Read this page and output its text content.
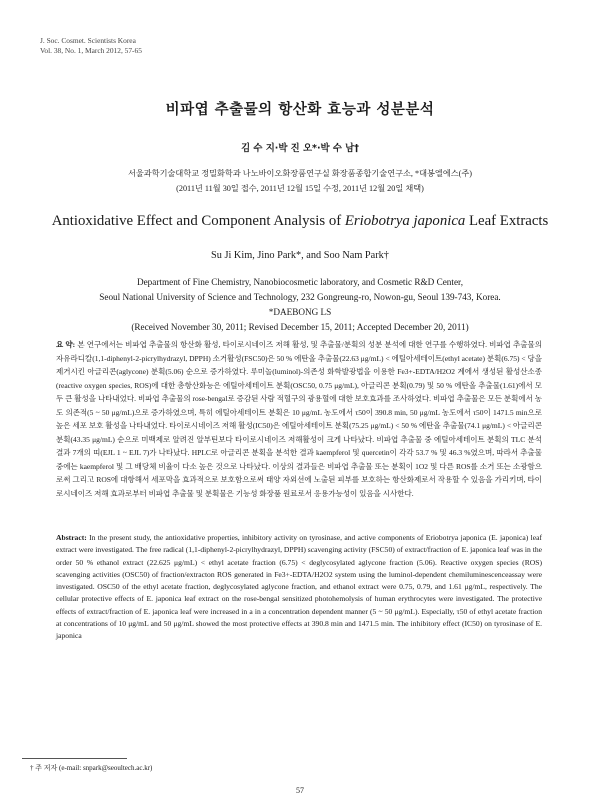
J. Soc. Cosmet. Scientists Korea
Vol. 38, No. 1, March 2012, 57-65
비파엽 추출물의 항산화 효능과 성분분석
김 수 지·박 진 오*·박 수 남†
서울과학기술대학교 정밀화학과 나노바이오화장품연구실 화장품종합기술연구소, *대봉엘에스(주)
(2011년 11월 30일 접수, 2011년 12월 15일 수정, 2011년 12월 20일 채택)
Antioxidative Effect and Component Analysis of Eriobotrya japonica Leaf Extracts
Su Ji Kim, Jino Park*, and Soo Nam Park†
Department of Fine Chemistry, Nanobiocosmetic laboratory, and Cosmetic R&D Center,
Seoul National University of Science and Technology, 232 Gongreung-ro, Nowon-gu, Seoul 139-743, Korea.
*DAEBONG LS
(Received November 30, 2011; Revised December 15, 2011; Accepted December 20, 2011)

요 약: 본 연구에서는 비파엽 추출물의 항산화 활성, 타이로시네이즈 저해 활성, 및 추출물/분획의 성분 분석에 대한 연구를 수행하였다. 비파엽 추출물의 자유라디칼(1,1-diphenyl-2-picrylhydrazyl, DPPH) 소거활성(FSC50)은 50 % 에탄올 추출물(22.63 μg/mL) < 에틸아세테이트(ethyl acetate) 분획(6.75) < 당을 제거시킨 아글리콘(aglycone) 분획(5.06) 순으로 증가하였다. 루미놀(luminol)-의존성 화학발광법을 이용한 Fe3+-EDTA/H2O2 계에서 생성된 활성산소종(reactive oxygen species, ROS)에 대한 총항산화능은 에틸아세테이트 분획(OSC50, 0.75 μg/mL), 아글리콘 분획(0.79) 및 50 % 에탄올 추출물(1.61)에서 모두 큰 활성을 나타내었다. 비파엽 추출물의 rose-bengal로 증감된 사람 적혈구의 광용혈에 대한 보호효과를 조사하였다. 비파엽 추출물은 모든 분획에서 농도 의존적(5 ~ 50 μg/mL)으로 증가하였으며, 특히 에틸아세테이트 분획은 10 μg/mL 농도에서 τ50이 390.8 min, 50 μg/mL 농도에서 τ50이 1471.5 min으로 높은 세포 보호 활성을 나타내었다. 타이로시네이즈 저해 활성(IC50)은 에틸아세테이트 분획(75.25 μg/mL) < 50 % 에탄올 추출물(74.1 μg/mL) < 아글리콘 분획(43.35 μg/mL) 순으로 미백제로 알려진 알부틴보다 타이로시네이즈 저해활성이 크게 나타났다. 비파엽 추출물 중 에틸아세테이트 분획의 TLC 분석 결과 7개의 띠(EJL 1 ~ EJL 7)가 나타났다. HPLC로 아글리콘 분획을 분석한 결과 kaempferol 및 quercetin이 각각 53.7 % 및 46.3 %였으며, 따라서 추출물 중에는 kaempferol 및 그 배당체 비율이 다소 높은 것으로 나타났다. 이상의 결과들은 비파엽 추출물 또는 분획이 1O2 및 다른 ROS를 소거 또는 소광함으로써 그리고 ROS에 대항해서 세포막을 효과적으로 보호함으로써 태양 자외선에 노출된 피부를 보호하는 항산화제로서 작용할 수 있음을 가리키며, 타이로시네이즈 저해 효과로부터 비파엽 추출물 및 분획물은 기능성 화장품 원료로서 응용가능성이 있음을 시사한다.

Abstract: In the present study, the antioxidative properties, inhibitory activity on tyrosinase, and active components of Eriobotrya japonica (E. japonica) leaf extract were investigated. The free radical (1,1-diphenyl-2-picrylhydrazyl, DPPH) scavenging activity (FSC50) of extract/fraction of E. japonica leaf was in the order 50 % ethanol extract (22.625 μg/mL) < ethyl acetate fraction (6.75) < deglycosylated aglycone fraction (5.06). Reactive oxygen species (ROS) scavenging activities (OSC50) of fraction/extracton ROS generated in Fe3+-EDTA/H2O2 system using the luminol-dependent chemiluminescenceassay were investigated. OSC50 of the ethyl acetate fraction, deglycosylated aglycone fraction, and ethanol extract were 0.75, 0.79, and 1.61 μg/mL, respectively. The cellular protective effects of E. japonica leaf extract on the rose-bengal sensitized photohemolysis of human erythrocytes were investigated. The protective effects of extract/fraction of E. japonica leaf were increased in a in a concentration dependent manner (5 ~ 50 μg/mL). Especially, τ50 of ethyl acetate fraction at concentrations of 10 μg/mL and 50 μg/mL showed the most protective effects at 390.8 min and 1471.5 min. The inhibitory effect (IC50) on tyrosinase of E. japonica

† 주 저자 (e-mail: snpark@seoultech.ac.kr)
57
